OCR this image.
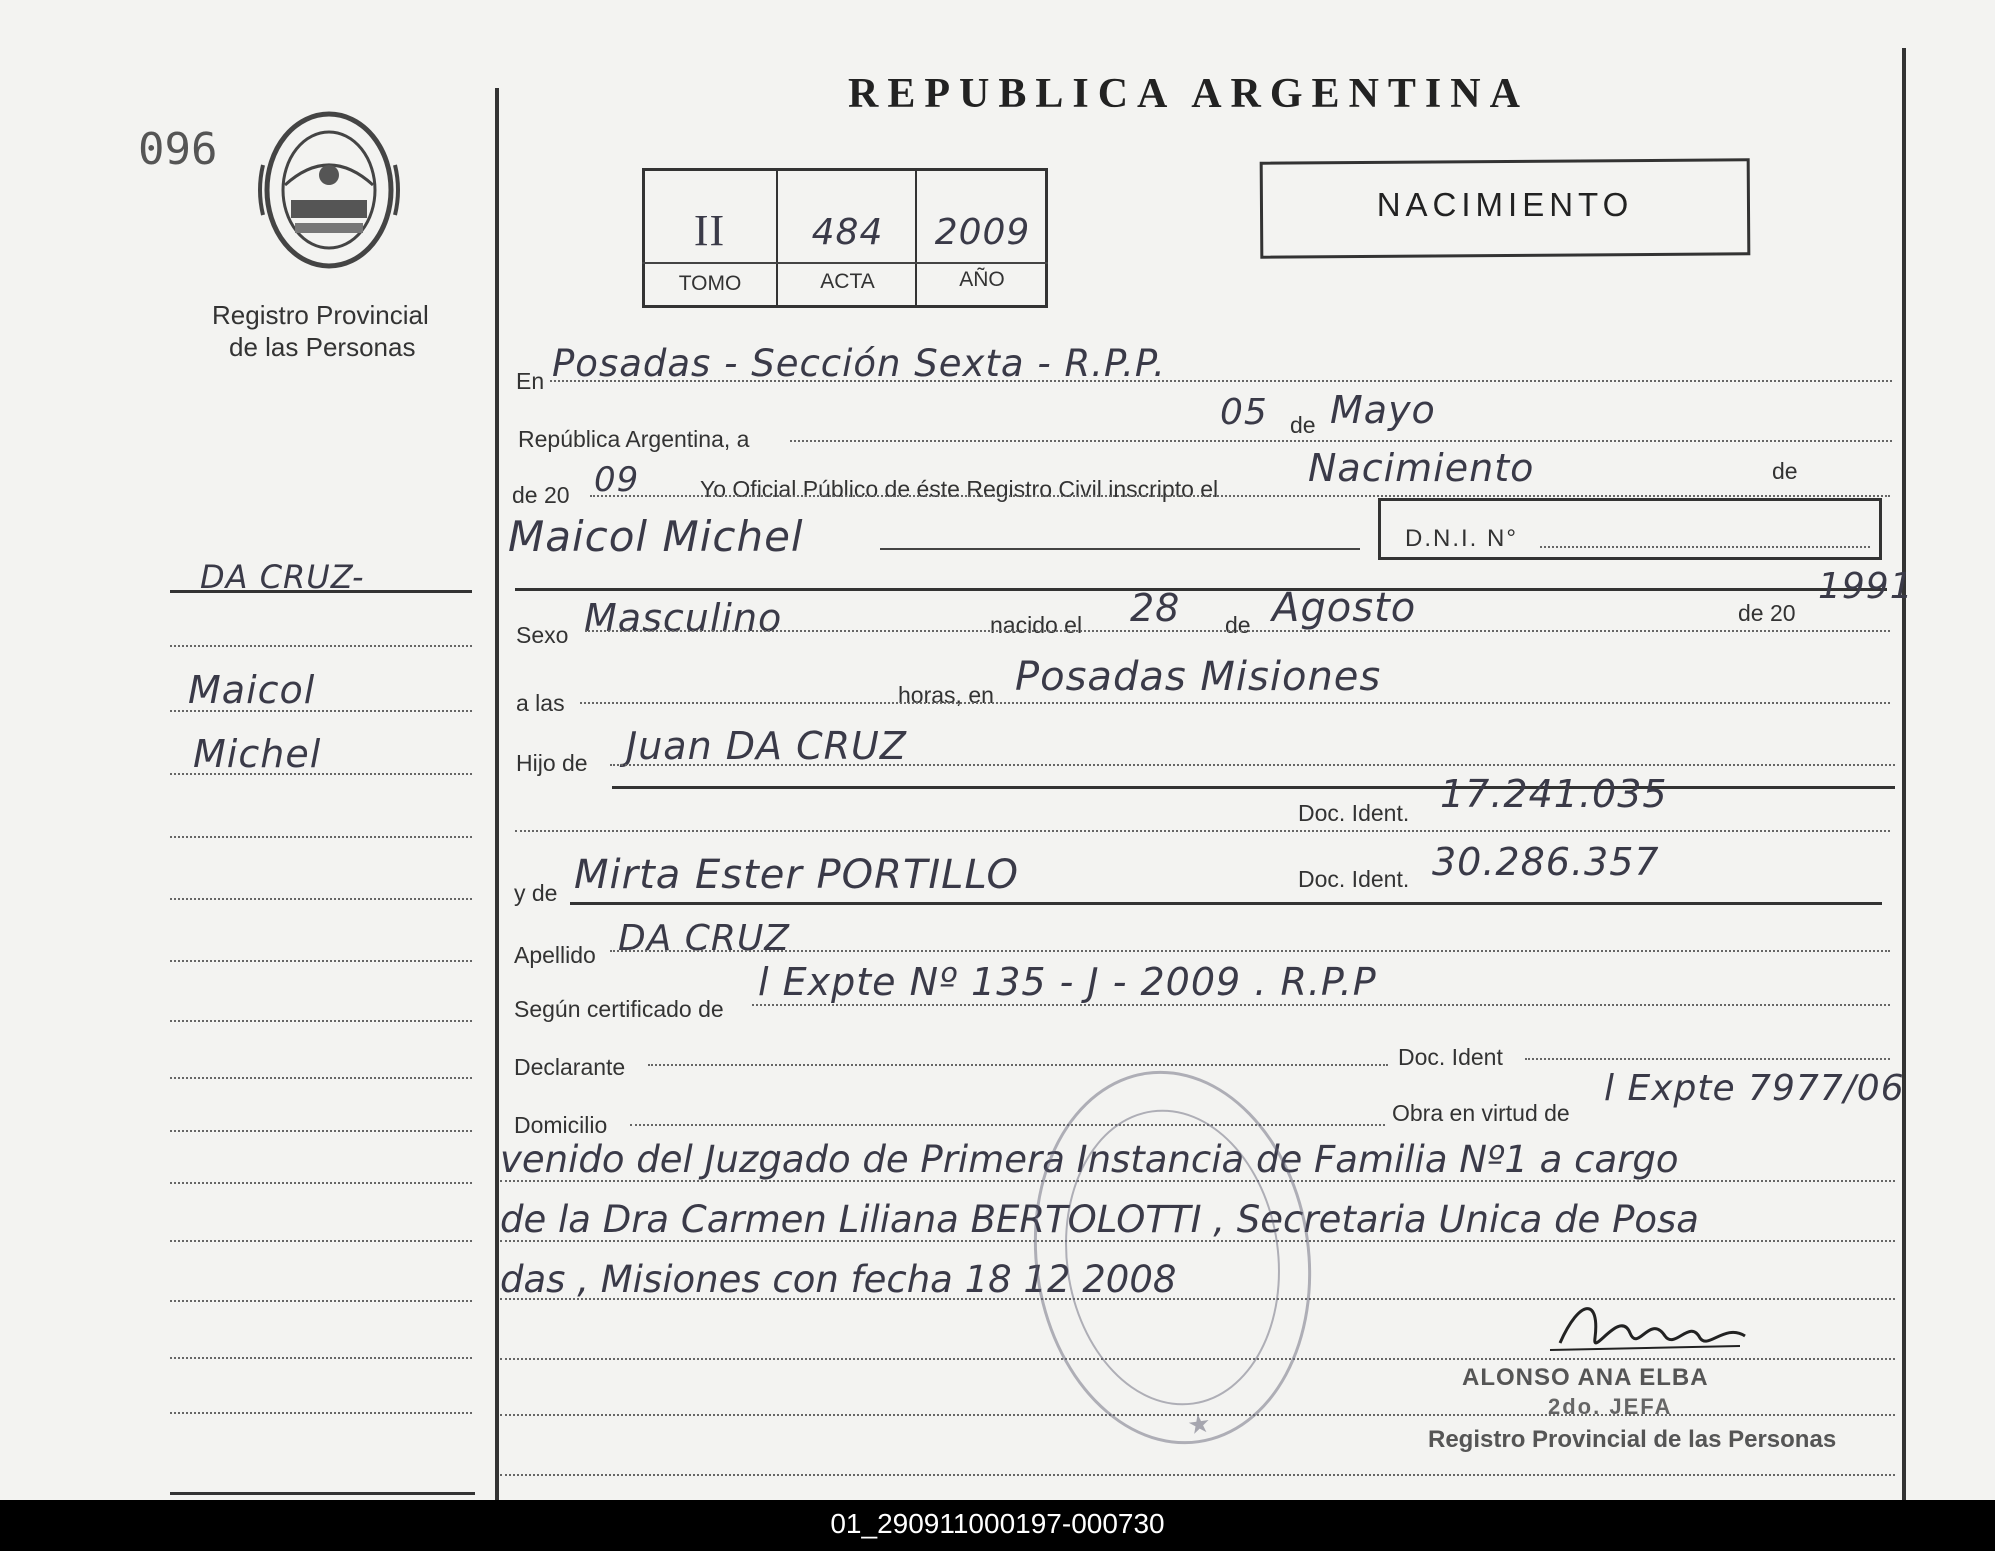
096
Registro Provincial
de las Personas
DA CRUZ-
Maicol
Michel
REPUBLICA ARGENTINA
II	484	2009
TOMO	ACTA	AÑO
NACIMIENTO
En Posadas - Sección Sexta - R.P.P.
República Argentina, a
05 de Mayo
de 20 09	Yo Oficial Público de éste Registro Civil inscripto el Nacimiento	de
Maicol Michel	D.N.I. N°
Sexo Masculino	nacido el 28 de Agosto	de 20
1991
a las	horas, en Posadas Misiones
Hijo de Juan DA CRUZ
Doc. Ident. 17.241.035
y de Mirta Ester PORTILLO	Doc. Ident. 30.286.357
Apellido DA CRUZ
Según certificado de
l Expte Nº 135 - J - 2009 . R.P.P
Declarante	Doc. Ident
Domicilio	Obra en virtud de
l Expte 7977/06
venido del Juzgado de Primera Instancia de Familia Nº1 a cargo
de la Dra Carmen Liliana BERTOLOTTI , Secretaria Unica de Posa
das , Misiones con fecha 18 12 2008
★
ALONSO ANA ELBA
2do. JEFA
Registro Provincial de las Personas
01_290911000197-000730
